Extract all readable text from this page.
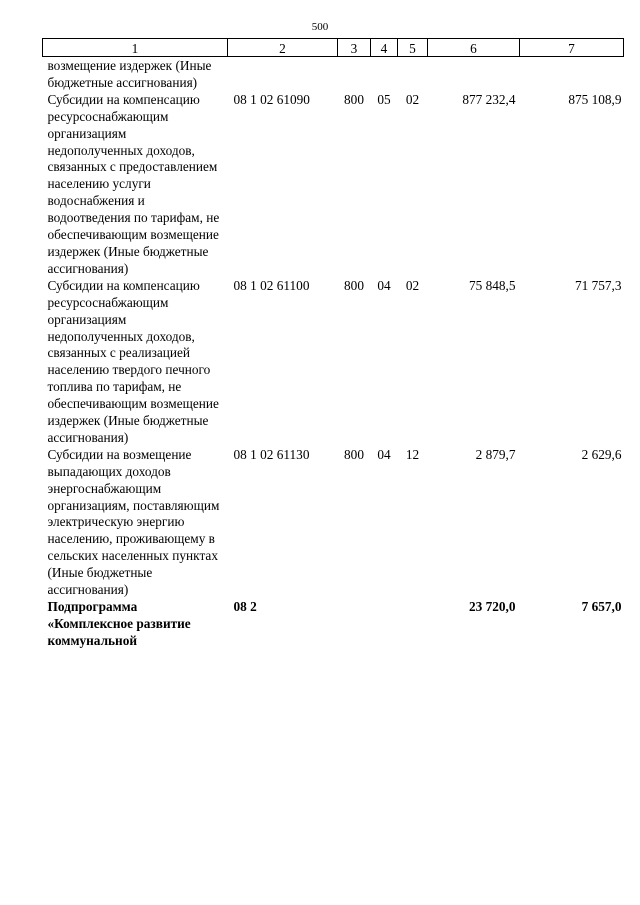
500
1	2	3	4	5	6	7
возмещение издержек (Иные бюджетные ассигнования)						
Субсидии на компенсацию ресурсоснабжающим организациям недополученных доходов, связанных с предоставлением населению услуги водоснабжения и водоотведения по тарифам, не обеспечивающим возмещение издержек (Иные бюджетные ассигнования)	08 1 02 61090	800	05	02	877 232,4	875 108,9
Субсидии на компенсацию ресурсоснабжающим организациям недополученных доходов, связанных с реализацией населению твердого печного топлива по тарифам, не обеспечивающим возмещение издержек (Иные бюджетные ассигнования)	08 1 02 61100	800	04	02	75 848,5	71 757,3
Субсидии на возмещение выпадающих доходов энергоснабжающим организациям, поставляющим электрическую энергию населению, проживающему в сельских населенных пунктах (Иные бюджетные ассигнования)	08 1 02 61130	800	04	12	2 879,7	2 629,6
Подпрограмма «Комплексное развитие коммунальной	08 2				23 720,0	7 657,0
